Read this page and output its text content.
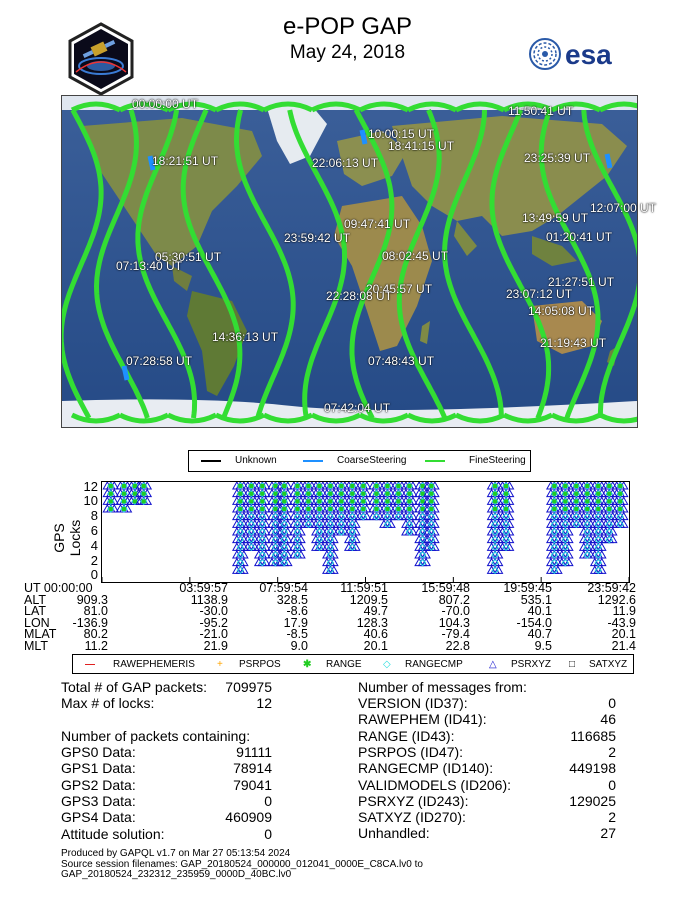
e-POP GAP
May 24, 2018	esa
00:00:00 UT	11:50:41 UT
10:00:15 UT
18:41:15 UT
18:21:51 UT	22:06:13 UT	23:25:39 UT
12:07:00 UT
09:47:41 UT	13:49:59 UT
23:59:42 UT	01:20:41 UT
05:30:51 UT	08:02:45 UT
07:13:40 UT
21:27:51 UT
20:45:57 UT	23:07:12 UT
22:28:08 UT
14:05:08 UT
14:36:13 UT	21:19:43 UT
07:28:58 UT	07:48:43 UT
07:42:04 UT
Unknown	CoarseSteering	FineSteering
GPS Locks
12
10
8
6
4
2
0
UT 00:00:00	03:59:57	07:59:54	11:59:51	15:59:48	19:59:45	23:59:42
ALT	909.3	1138.9	328.5	1209.5	807.2	535.1	1292.6
LAT	81.0	-30.0	-8.6	49.7	-70.0	40.1	11.9
LON	-136.9	-95.2	17.9	128.3	104.3	-154.0	-43.9
MLAT	80.2	-21.0	-8.5	40.6	-79.4	40.7	20.1
MLT	11.2	21.9	9.0	20.1	22.8	9.5	21.4
— RAWEPHEMERIS + PSRPOS ✱ RANGE ◇ RANGECMP	△ PSRXYZ □ SATXYZ
Total # of GAP packets:	709975
Max # of locks:	12
Number of packets containing:
GPS0 Data:	91111
GPS1 Data:	78914
GPS2 Data:	79041
GPS3 Data:	0
GPS4 Data:	460909
Attitude solution:	0
Number of messages from:
VERSION (ID37):	0
RAWEPHEM (ID41):	46
RANGE (ID43):	116685
PSRPOS (ID47):	2
RANGECMP (ID140):	449198
VALIDMODELS (ID206):	0
PSRXYZ (ID243):	129025
SATXYZ (ID270):	2
Unhandled:	27
Produced by GAPQL v1.7 on Mar 27 05:13:54 2024
Source session filenames: GAP_20180524_000000_012041_0000E_C8CA.lv0 to
GAP_20180524_232312_235959_0000D_40BC.lv0
